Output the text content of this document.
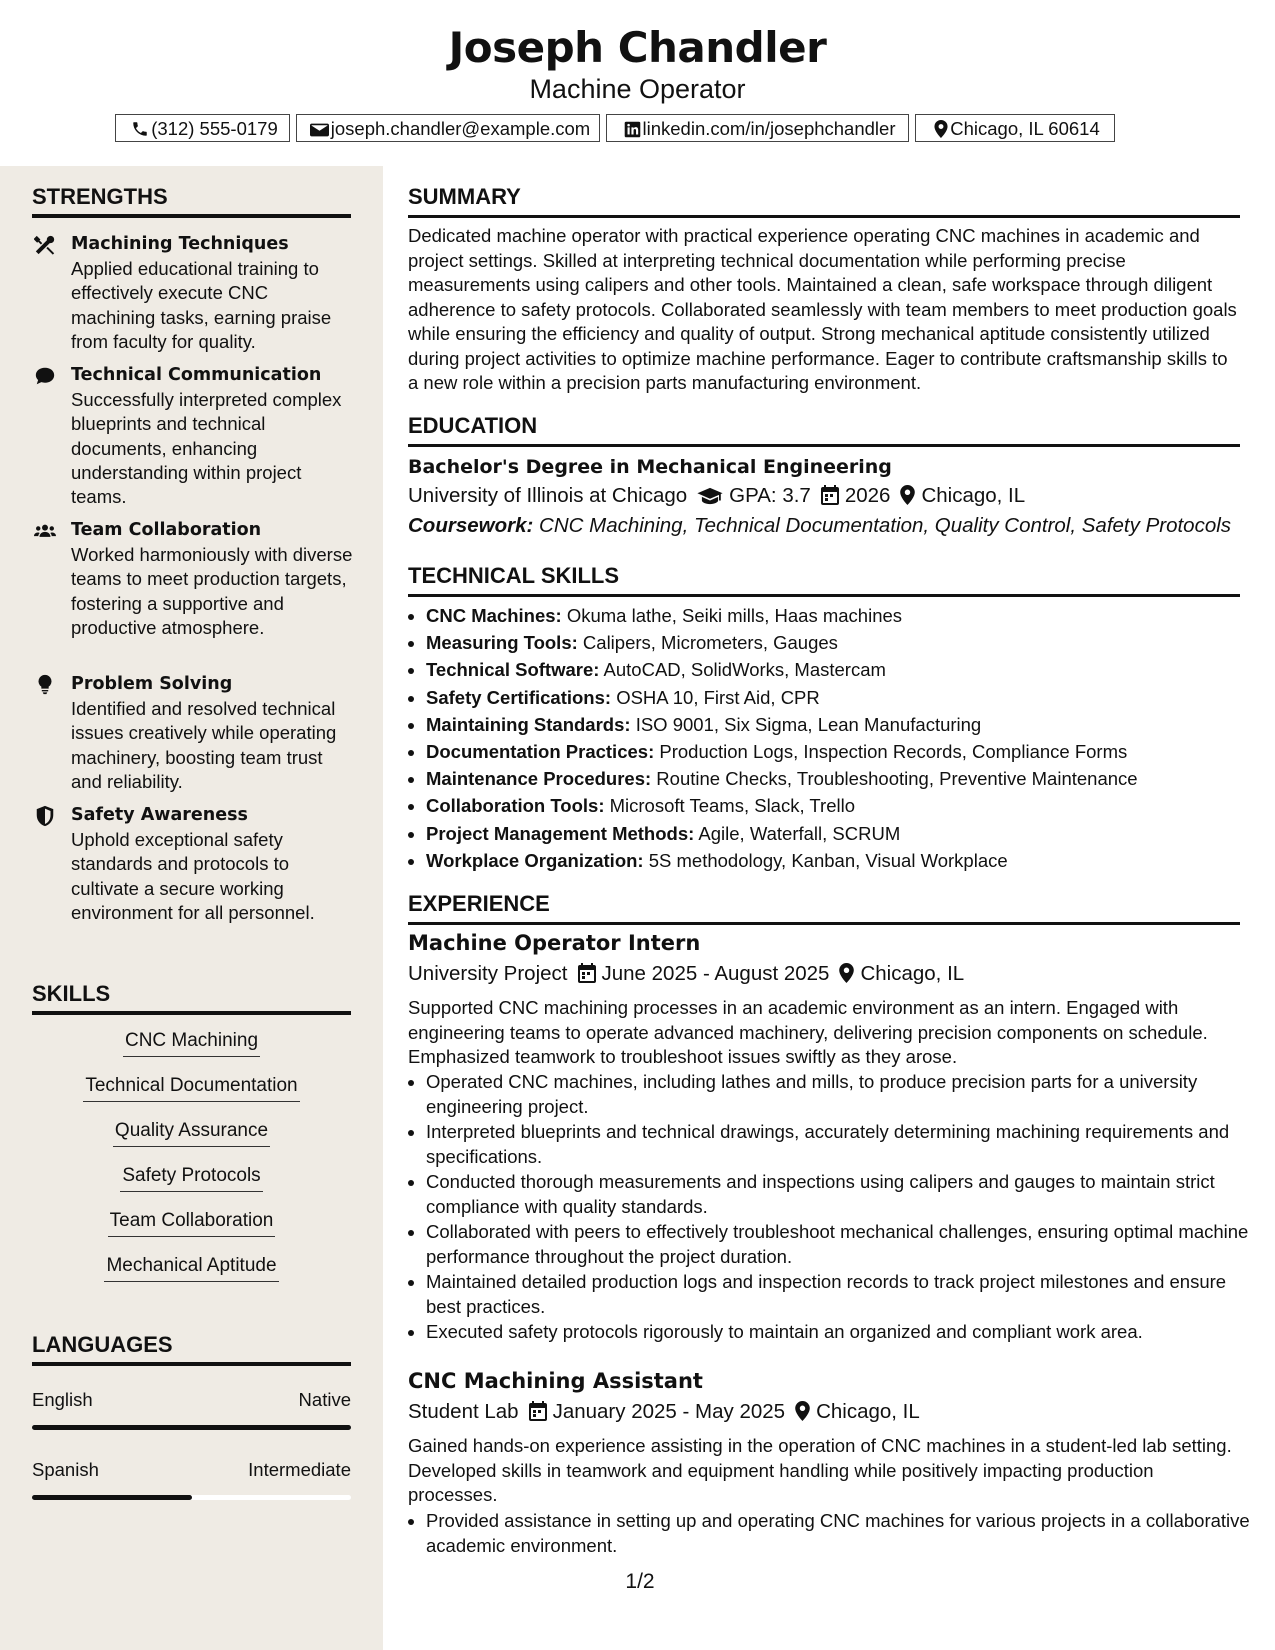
Joseph Chandler
Machine Operator
(312) 555-0179	joseph.chandler@example.com	linkedin.com/in/josephchandler	Chicago, IL 60614
STRENGTHS
Machining Techniques
Applied educational training to effectively execute CNC machining tasks, earning praise from faculty for quality.
Technical Communication
Successfully interpreted complex blueprints and technical documents, enhancing understanding within project teams.
Team Collaboration
Worked harmoniously with diverse teams to meet production targets, fostering a supportive and productive atmosphere.
Problem Solving
Identified and resolved technical issues creatively while operating machinery, boosting team trust and reliability.
Safety Awareness
Uphold exceptional safety standards and protocols to cultivate a secure working environment for all personnel.
SKILLS
CNC Machining
Technical Documentation
Quality Assurance
Safety Protocols
Team Collaboration
Mechanical Aptitude
LANGUAGES
English	Native
Spanish	Intermediate
SUMMARY
Dedicated machine operator with practical experience operating CNC machines in academic and project settings. Skilled at interpreting technical documentation while performing precise measurements using calipers and other tools. Maintained a clean, safe workspace through diligent adherence to safety protocols. Collaborated seamlessly with team members to meet production goals while ensuring the efficiency and quality of output. Strong mechanical aptitude consistently utilized during project activities to optimize machine performance. Eager to contribute craftsmanship skills to a new role within a precision parts manufacturing environment.
EDUCATION
Bachelor's Degree in Mechanical Engineering
University of Illinois at Chicago GPA: 3.7 2026 Chicago, IL
Coursework: CNC Machining, Technical Documentation, Quality Control, Safety Protocols
TECHNICAL SKILLS
• CNC Machines: Okuma lathe, Seiki mills, Haas machines
• Measuring Tools: Calipers, Micrometers, Gauges
• Technical Software: AutoCAD, SolidWorks, Mastercam
• Safety Certifications: OSHA 10, First Aid, CPR
• Maintaining Standards: ISO 9001, Six Sigma, Lean Manufacturing
• Documentation Practices: Production Logs, Inspection Records, Compliance Forms
• Maintenance Procedures: Routine Checks, Troubleshooting, Preventive Maintenance
• Collaboration Tools: Microsoft Teams, Slack, Trello
• Project Management Methods: Agile, Waterfall, SCRUM
• Workplace Organization: 5S methodology, Kanban, Visual Workplace
EXPERIENCE
Machine Operator Intern
University Project June 2025 - August 2025 Chicago, IL
Supported CNC machining processes in an academic environment as an intern. Engaged with engineering teams to operate advanced machinery, delivering precision components on schedule. Emphasized teamwork to troubleshoot issues swiftly as they arose.
• Operated CNC machines, including lathes and mills, to produce precision parts for a university engineering project.
• Interpreted blueprints and technical drawings, accurately determining machining requirements and specifications.
• Conducted thorough measurements and inspections using calipers and gauges to maintain strict compliance with quality standards.
• Collaborated with peers to effectively troubleshoot mechanical challenges, ensuring optimal machine performance throughout the project duration.
• Maintained detailed production logs and inspection records to track project milestones and ensure best practices.
• Executed safety protocols rigorously to maintain an organized and compliant work area.
CNC Machining Assistant
Student Lab January 2025 - May 2025 Chicago, IL
Gained hands-on experience assisting in the operation of CNC machines in a student-led lab setting. Developed skills in teamwork and equipment handling while positively impacting production processes.
• Provided assistance in setting up and operating CNC machines for various projects in a collaborative academic environment.
1/2
